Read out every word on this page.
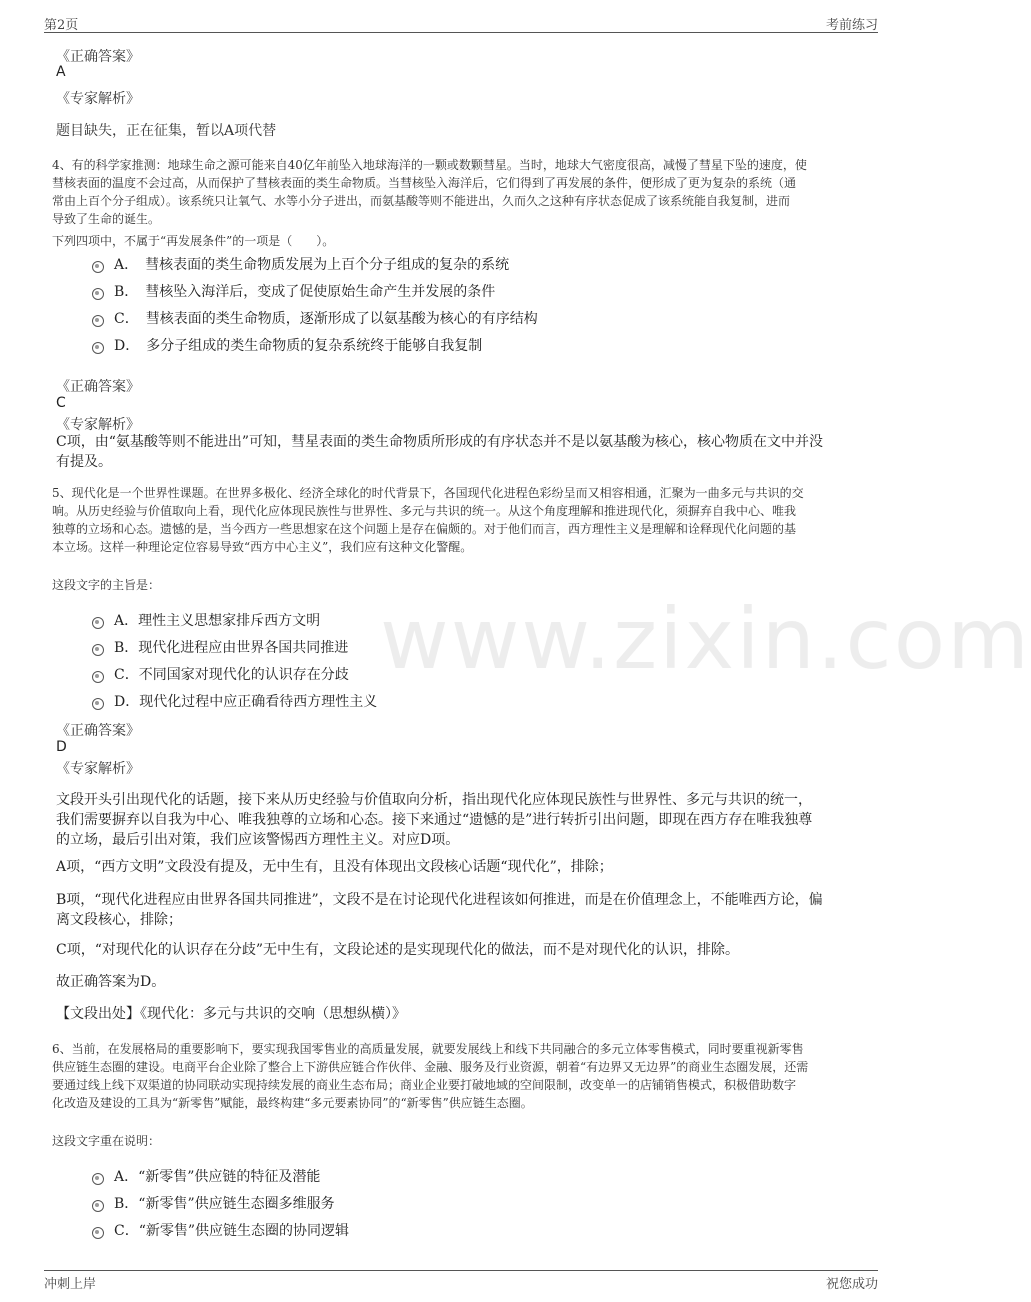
第2页	考前练习
www.zixin.com
《正确答案》
A
《专家解析》
题目缺失，正在征集，暂以A项代替
4、有的科学家推测：地球生命之源可能来自40亿年前坠入地球海洋的一颗或数颗彗星。当时，地球大气密度很高，减慢了彗星下坠的速度，使
彗核表面的温度不会过高，从而保护了彗核表面的类生命物质。当彗核坠入海洋后，它们得到了再发展的条件，便形成了更为复杂的系统（通
常由上百个分子组成）。该系统只让氧气、水等小分子进出，而氨基酸等则不能进出，久而久之这种有序状态促成了该系统能自我复制，进而
导致了生命的诞生。
下列四项中，不属于“再发展条件”的一项是（　　）。
A．　彗核表面的类生命物质发展为上百个分子组成的复杂的系统
B．　彗核坠入海洋后，变成了促使原始生命产生并发展的条件
C．　彗核表面的类生命物质，逐渐形成了以氨基酸为核心的有序结构
D．　多分子组成的类生命物质的复杂系统终于能够自我复制
《正确答案》
C
《专家解析》
C项，由“氨基酸等则不能进出”可知，彗星表面的类生命物质所形成的有序状态并不是以氨基酸为核心，核心物质在文中并没
有提及。
5、现代化是一个世界性课题。在世界多极化、经济全球化的时代背景下，各国现代化进程色彩纷呈而又相容相通，汇聚为一曲多元与共识的交
响。从历史经验与价值取向上看，现代化应体现民族性与世界性、多元与共识的统一。从这个角度理解和推进现代化，须摒弃自我中心、唯我
独尊的立场和心态。遗憾的是，当今西方一些思想家在这个问题上是存在偏颇的。对于他们而言，西方理性主义是理解和诠释现代化问题的基
本立场。这样一种理论定位容易导致“西方中心主义”，我们应有这种文化警醒。
这段文字的主旨是：
A．理性主义思想家排斥西方文明
B．现代化进程应由世界各国共同推进
C．不同国家对现代化的认识存在分歧
D．现代化过程中应正确看待西方理性主义
《正确答案》
D
《专家解析》
文段开头引出现代化的话题，接下来从历史经验与价值取向分析，指出现代化应体现民族性与世界性、多元与共识的统一，
我们需要摒弃以自我为中心、唯我独尊的立场和心态。接下来通过“遗憾的是”进行转折引出问题，即现在西方存在唯我独尊
的立场，最后引出对策，我们应该警惕西方理性主义。对应D项。
A项，“西方文明”文段没有提及，无中生有，且没有体现出文段核心话题“现代化”，排除；
B项，“现代化进程应由世界各国共同推进”，文段不是在讨论现代化进程该如何推进，而是在价值理念上，不能唯西方论，偏
离文段核心，排除；
C项，“对现代化的认识存在分歧”无中生有，文段论述的是实现现代化的做法，而不是对现代化的认识，排除。
故正确答案为D。
【文段出处】《现代化：多元与共识的交响（思想纵横）》
6、当前，在发展格局的重要影响下，要实现我国零售业的高质量发展，就要发展线上和线下共同融合的多元立体零售模式，同时要重视新零售
供应链生态圈的建设。电商平台企业除了整合上下游供应链合作伙伴、金融、服务及行业资源，朝着“有边界又无边界”的商业生态圈发展，还需
要通过线上线下双渠道的协同联动实现持续发展的商业生态布局；商业企业要打破地域的空间限制，改变单一的店铺销售模式，积极借助数字
化改造及建设的工具为“新零售”赋能，最终构建“多元要素协同”的“新零售”供应链生态圈。
这段文字重在说明：
A．“新零售”供应链的特征及潜能
B．“新零售”供应链生态圈多维服务
C．“新零售”供应链生态圈的协同逻辑
冲刺上岸	祝您成功
